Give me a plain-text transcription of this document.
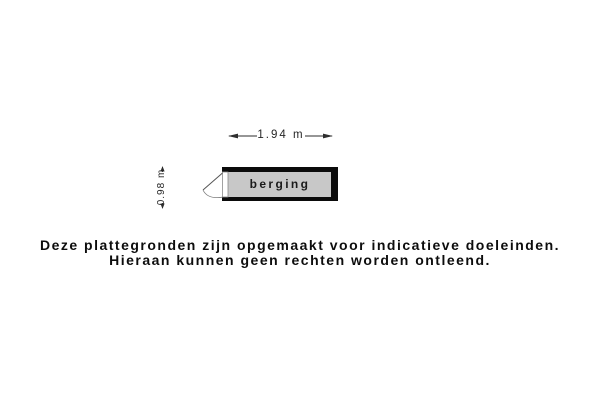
1.94 m
0.98 m	berging
Deze plattegronden zijn opgemaakt voor indicatieve doeleinden.
Hieraan kunnen geen rechten worden ontleend.
